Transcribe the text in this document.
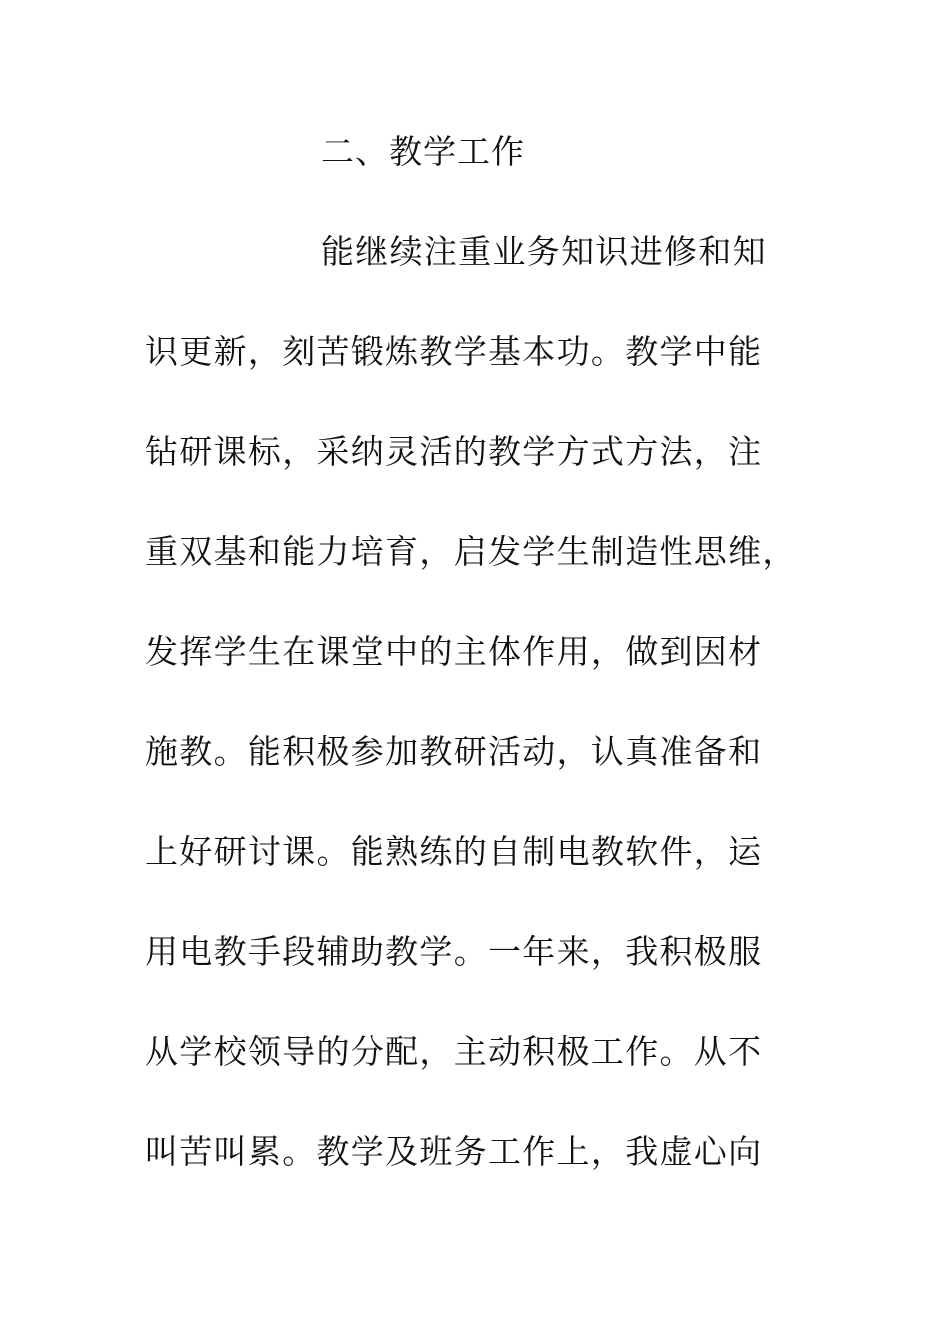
二、教学工作
能继续注重业务知识进修和知
识更新，刻苦锻炼教学基本功。教学中能
钻研课标，采纳灵活的教学方式方法，注
重双基和能力培育，启发学生制造性思维，
发挥学生在课堂中的主体作用，做到因材
施教。能积极参加教研活动，认真准备和
上好研讨课。能熟练的自制电教软件，运
用电教手段辅助教学。一年来，我积极服
从学校领导的分配，主动积极工作。从不
叫苦叫累。教学及班务工作上，我虚心向
